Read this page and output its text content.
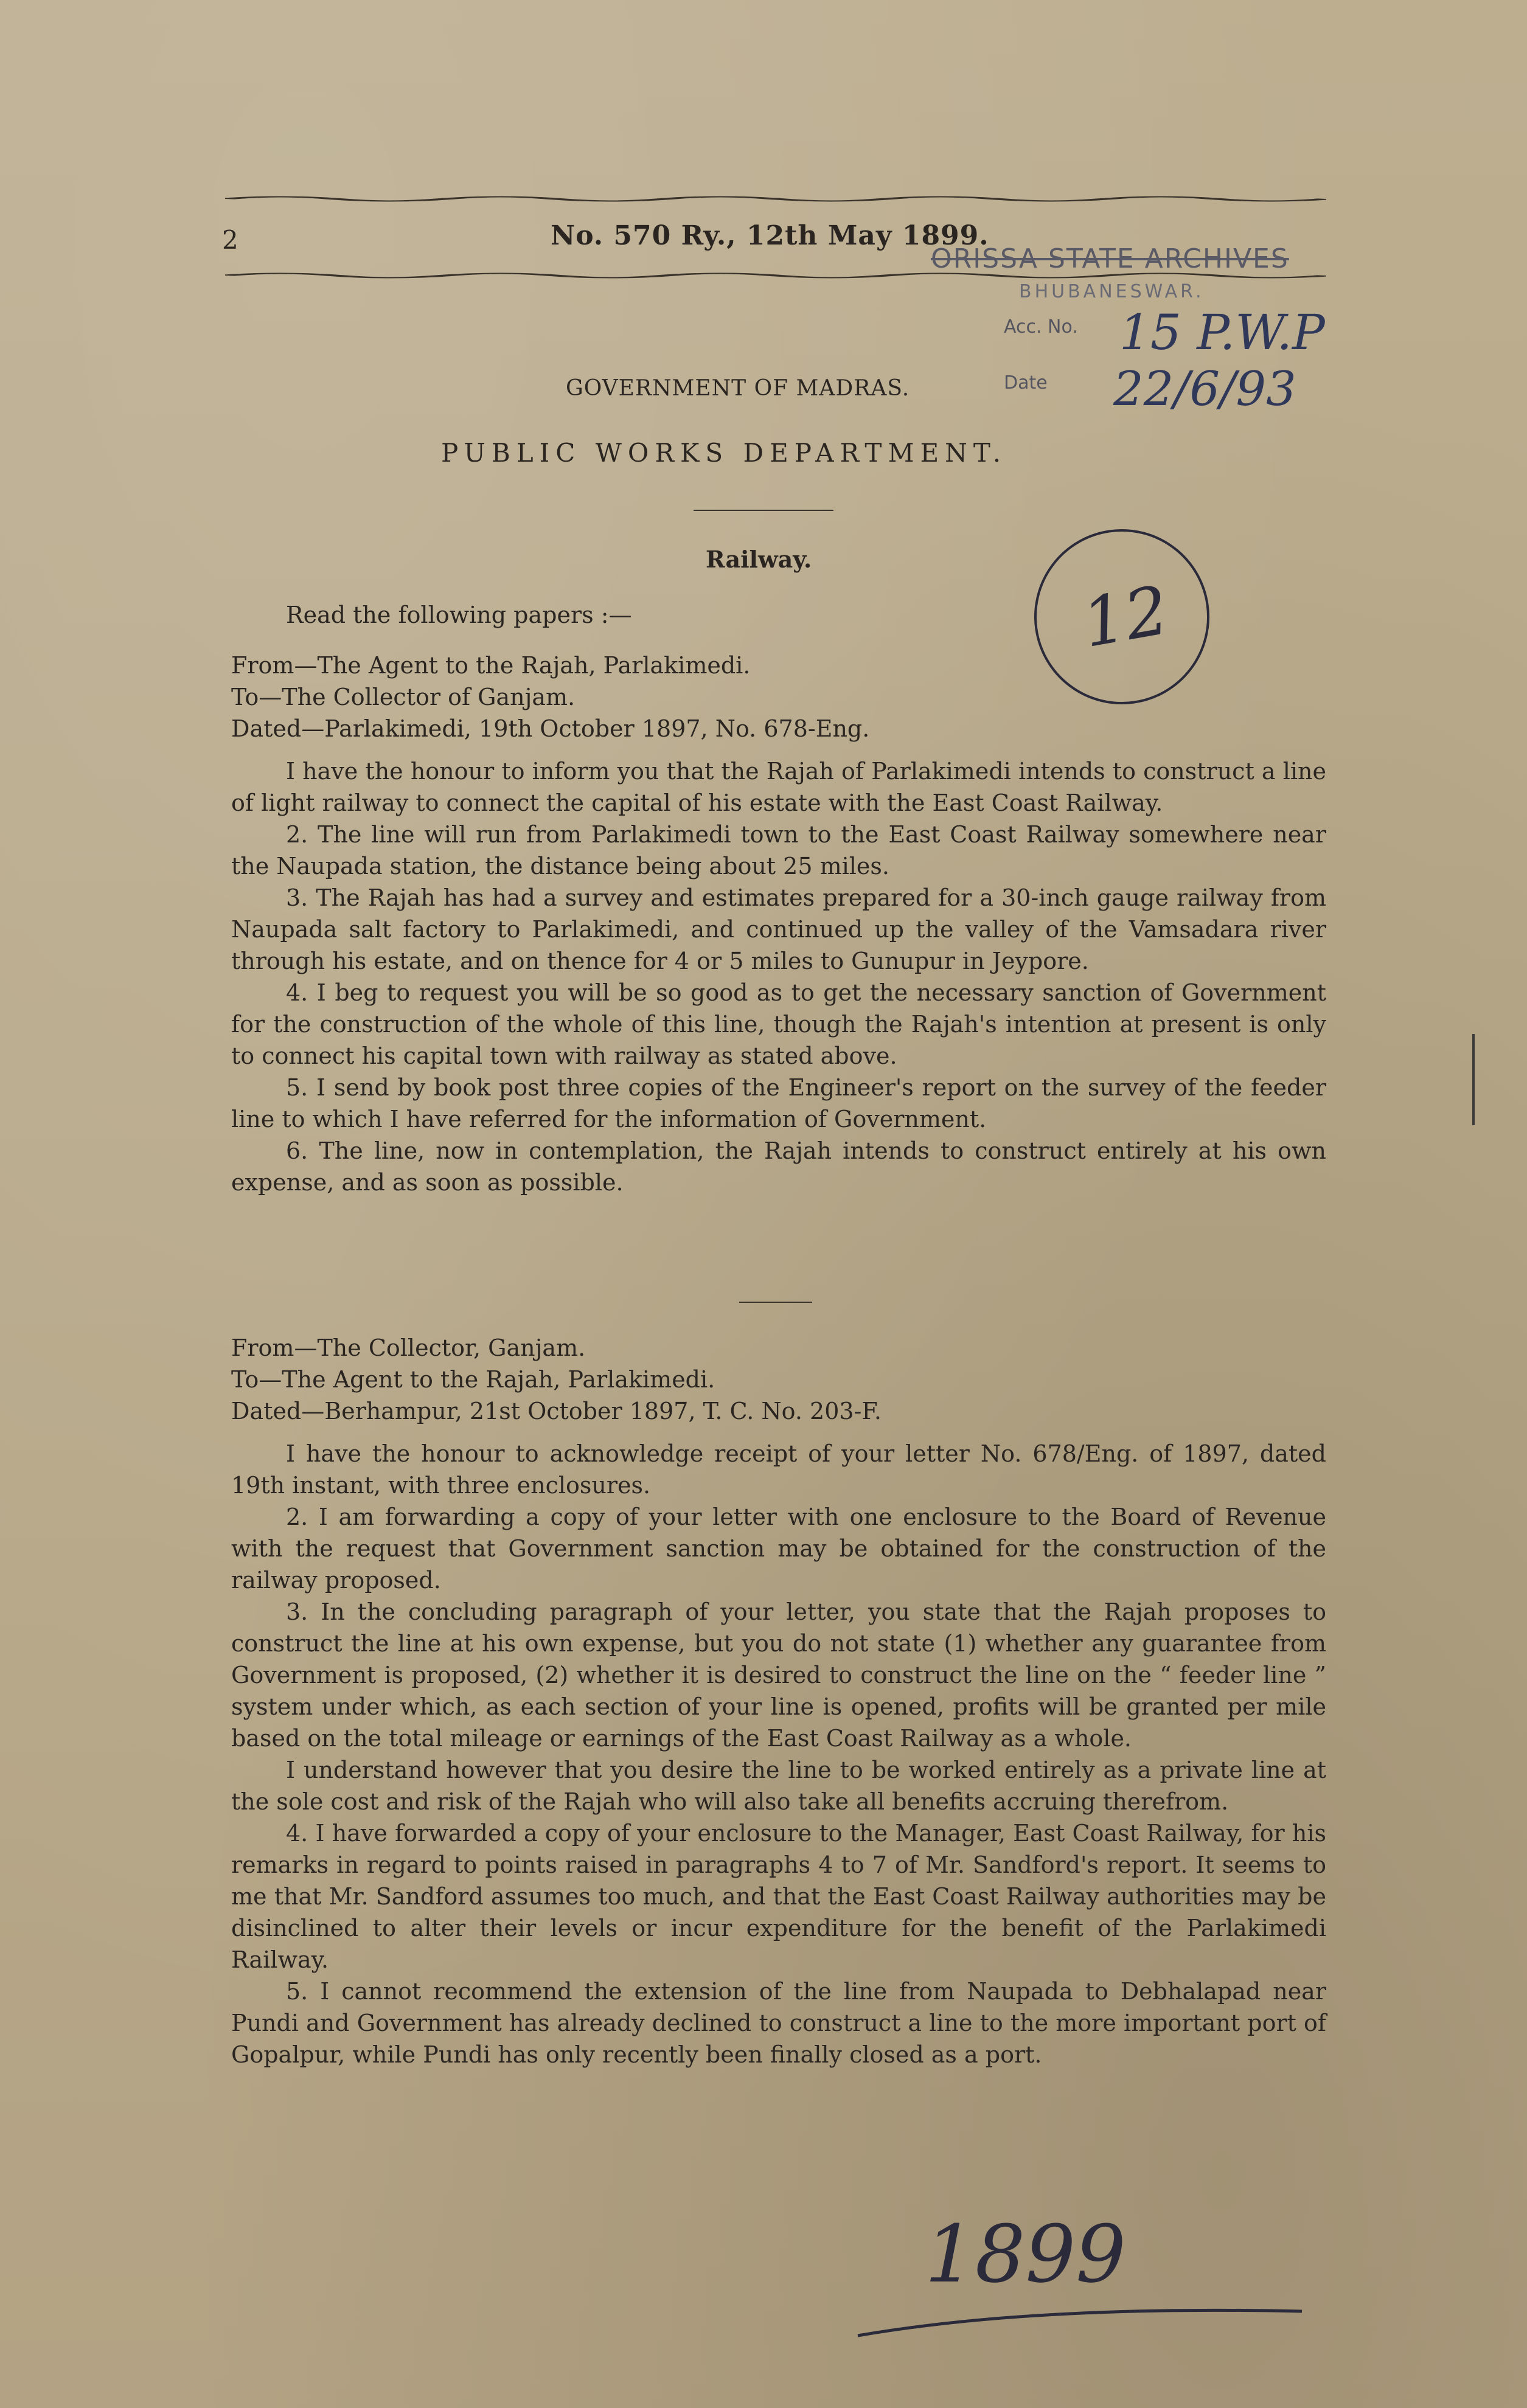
2	No. 570 Ry., 12th May 1899.
ORISSA STATE ARCHIVES
BHUBANESWAR.
Acc. No. 15 P.W.P
Date 22/6/93
GOVERNMENT OF MADRAS.
PUBLIC WORKS DEPARTMENT.
Railway.
12

Read the following papers :—

From—The Agent to the Rajah, Parlakimedi.

To—The Collector of Ganjam.

Dated—Parlakimedi, 19th October 1897, No. 678-Eng.

I have the honour to inform you that the Rajah of Parlakimedi intends to construct a line of light railway to connect the capital of his estate with the East Coast Railway.

2. The line will run from Parlakimedi town to the East Coast Railway somewhere near the Naupada station, the distance being about 25 miles.

3. The Rajah has had a survey and estimates prepared for a 30-inch gauge railway from Naupada salt factory to Parlakimedi, and continued up the valley of the Vamsadara river through his estate, and on thence for 4 or 5 miles to Gunupur in Jeypore.

4. I beg to request you will be so good as to get the necessary sanction of Government for the construction of the whole of this line, though the Rajah's intention at present is only to connect his capital town with railway as stated above.

5. I send by book post three copies of the Engineer's report on the survey of the feeder line to which I have referred for the information of Government.

6. The line, now in contemplation, the Rajah intends to construct entirely at his own expense, and as soon as possible.

From—The Collector, Ganjam.

To—The Agent to the Rajah, Parlakimedi.

Dated—Berhampur, 21st October 1897, T. C. No. 203-F.

I have the honour to acknowledge receipt of your letter No. 678/Eng. of 1897, dated 19th instant, with three enclosures.

2. I am forwarding a copy of your letter with one enclosure to the Board of Revenue with the request that Government sanction may be obtained for the construction of the railway proposed.

3. In the concluding paragraph of your letter, you state that the Rajah proposes to construct the line at his own expense, but you do not state (1) whether any guarantee from Government is proposed, (2) whether it is desired to construct the line on the “ feeder line ” system under which, as each section of your line is opened, profits will be granted per mile based on the total mileage or earnings of the East Coast Railway as a whole.

I understand however that you desire the line to be worked entirely as a private line at the sole cost and risk of the Rajah who will also take all benefits accruing therefrom.

4. I have forwarded a copy of your enclosure to the Manager, East Coast Railway, for his remarks in regard to points raised in paragraphs 4 to 7 of Mr. Sandford's report. It seems to me that Mr. Sandford assumes too much, and that the East Coast Railway authorities may be disinclined to alter their levels or incur expenditure for the benefit of the Parlakimedi Railway.

5. I cannot recommend the extension of the line from Naupada to Debhalapad near Pundi and Government has already declined to construct a line to the more important port of Gopalpur, while Pundi has only recently been finally closed as a port.

1899
